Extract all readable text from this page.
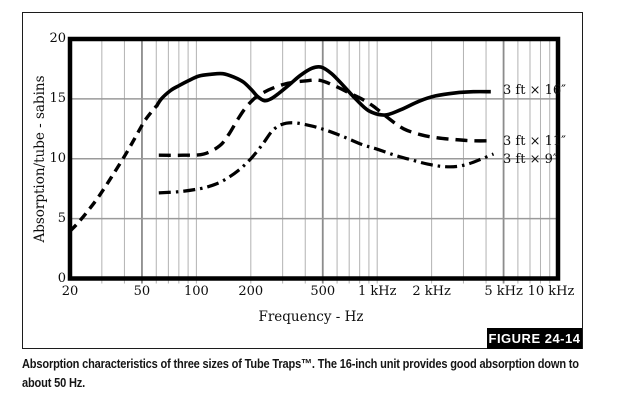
20
15
10
5
0
20	50	100 200	500 1 kHz 2 kHz	5 kHz 10 kHz
Absorption/tube - sabins
Frequency - Hz
3 ft × 16″
3 ft × 11″
3 ft × 9″
FIGURE 24-14
Absorption characteristics of three sizes of Tube Traps™. The 16-inch unit provides good absorption down to
about 50 Hz.
